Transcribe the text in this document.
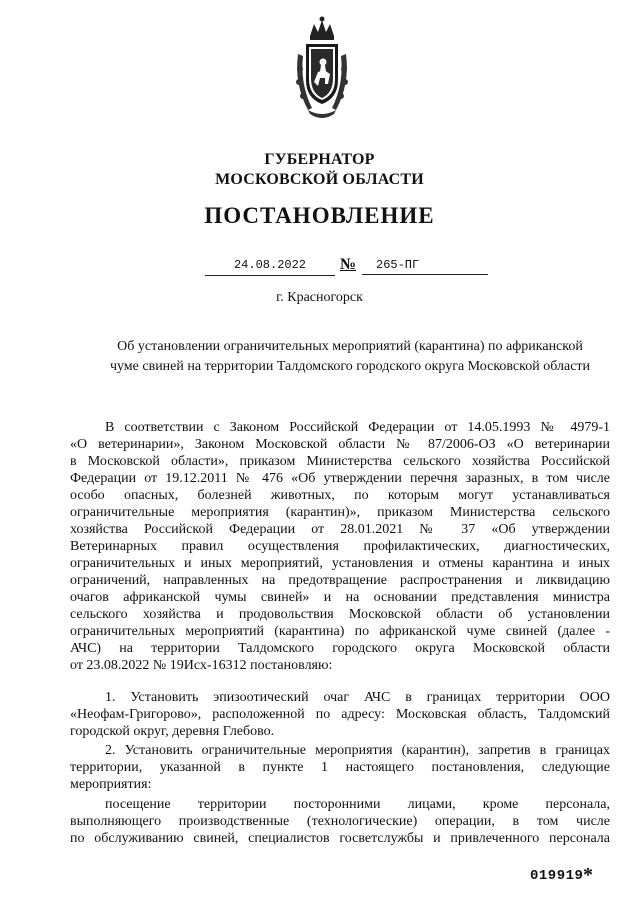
ГУБЕРНАТОР
МОСКОВСКОЙ ОБЛАСТИ
ПОСТАНОВЛЕНИЕ
24.08.2022	№	265-ПГ
г. Красногорск
Об установлении ограничительных мероприятий (карантина) по африканской
чуме свиней на территории Талдомского городского округа Московской области
В соответствии с Законом Российской Федерации от 14.05.1993 № 4979-1
«О ветеринарии», Законом Московской области № 87/2006-ОЗ «О ветеринарии
в Московской области», приказом Министерства сельского хозяйства Российской
Федерации от 19.12.2011 № 476 «Об утверждении перечня заразных, в том числе
особо опасных, болезней животных, по которым могут устанавливаться
ограничительные мероприятия (карантин)», приказом Министерства сельского
хозяйства Российской Федерации от 28.01.2021 № 37 «Об утверждении
Ветеринарных правил осуществления профилактических, диагностических,
ограничительных и иных мероприятий, установления и отмены карантина и иных
ограничений, направленных на предотвращение распространения и ликвидацию
очагов африканской чумы свиней» и на основании представления министра
сельского хозяйства и продовольствия Московской области об установлении
ограничительных мероприятий (карантина) по африканской чуме свиней (далее -
АЧС) на территории Талдомского городского округа Московской области
от 23.08.2022 № 19Исх-16312 постановляю:
1. Установить эпизоотический очаг АЧС в границах территории ООО
«Неофам-Григорово», расположенной по адресу: Московская область, Талдомский
городской округ, деревня Глебово.
2. Установить ограничительные мероприятия (карантин), запретив в границах
территории, указанной в пункте 1 настоящего постановления, следующие
мероприятия:
посещение территории посторонними лицами, кроме персонала,
выполняющего производственные (технологические) операции, в том числе
по обслуживанию свиней, специалистов госветслужбы и привлеченного персонала
019919 *
